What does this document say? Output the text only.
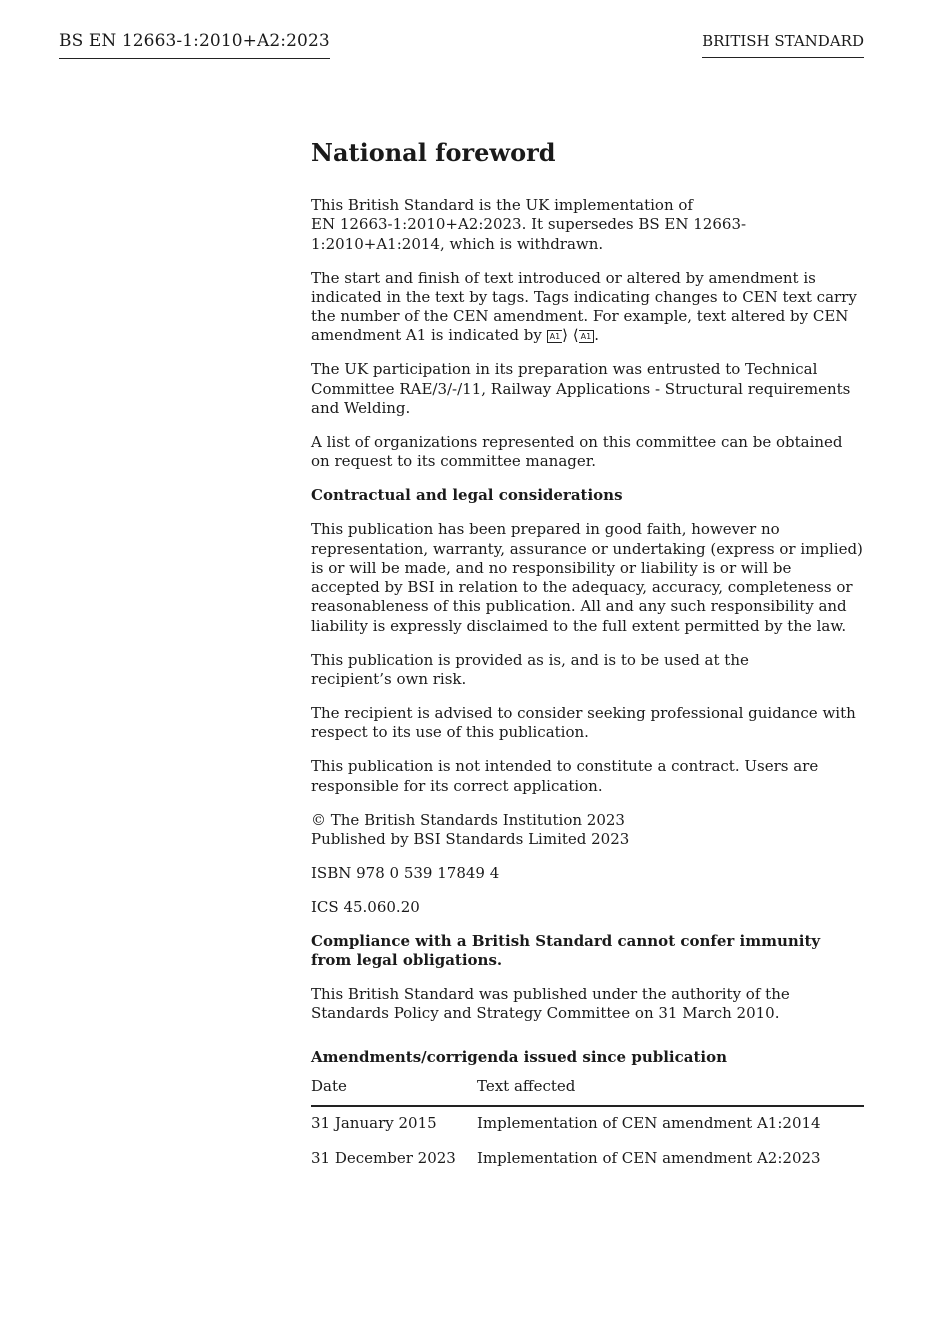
BS EN 12663-1:2010+A2:2023	BRITISH STANDARD
National foreword

This British Standard is the UK implementation of
EN 12663-1:2010+A2:2023. It supersedes BS EN 12663-1:2010+A1:2014, which is withdrawn.

The start and finish of text introduced or altered by amendment is indicated in the text by tags. Tags indicating changes to CEN text carry the number of the CEN amendment. For example, text altered by CEN amendment A1 is indicated by A1 ⟩ ⟨ A1 .

The UK participation in its preparation was entrusted to Technical Committee RAE/3/-/11, Railway Applications - Structural requirements and Welding.

A list of organizations represented on this committee can be obtained on request to its committee manager.

Contractual and legal considerations

This publication has been prepared in good faith, however no representation, warranty, assurance or undertaking (express or implied) is or will be made, and no responsibility or liability is or will be accepted by BSI in relation to the adequacy, accuracy, completeness or reasonableness of this publication. All and any such responsibility and liability is expressly disclaimed to the full extent permitted by the law.

This publication is provided as is, and is to be used at the
recipient’s own risk.

The recipient is advised to consider seeking professional guidance with respect to its use of this publication.

This publication is not intended to constitute a contract. Users are responsible for its correct application.

© The British Standards Institution 2023
Published by BSI Standards Limited 2023

ISBN 978 0 539 17849 4

ICS 45.060.20

Compliance with a British Standard cannot confer immunity from legal obligations.

This British Standard was published under the authority of the Standards Policy and Strategy Committee on 31 March 2010.

Amendments/corrigenda issued since publication
Date	Text affected
31 January 2015	Implementation of CEN amendment A1:2014
31 December 2023	Implementation of CEN amendment A2:2023
